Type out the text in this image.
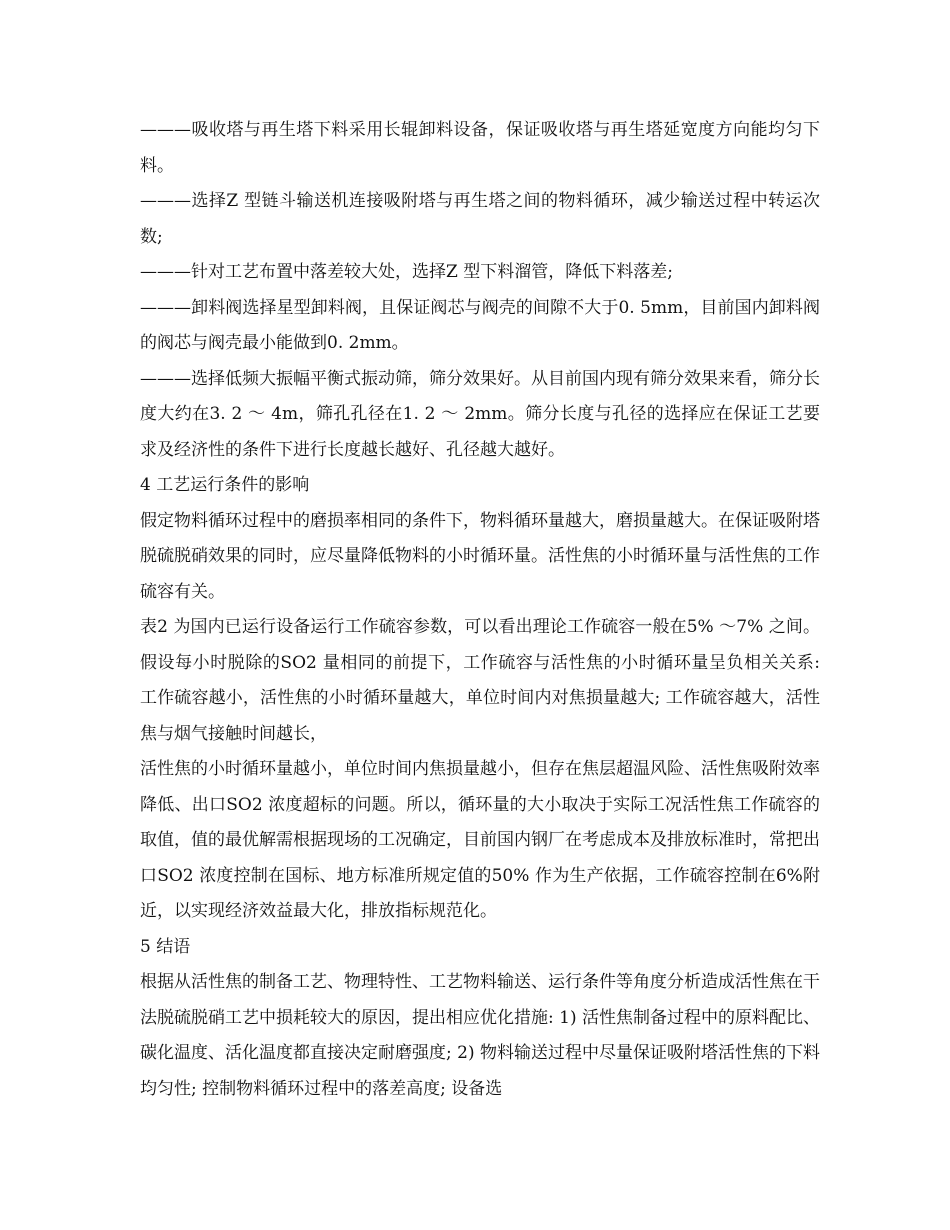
———吸收塔与再生塔下料采用长辊卸料设备，保证吸收塔与再生塔延宽度方向能均匀下料。

———选择Z 型链斗输送机连接吸附塔与再生塔之间的物料循环，减少输送过程中转运次数;

———针对工艺布置中落差较大处，选择Z 型下料溜管，降低下料落差;

———卸料阀选择星型卸料阀，且保证阀芯与阀壳的间隙不大于0. 5mm，目前国内卸料阀的阀芯与阀壳最小能做到0. 2mm。

———选择低频大振幅平衡式振动筛，筛分效果好。从目前国内现有筛分效果来看，筛分长度大约在3. 2 ～ 4m，筛孔孔径在1. 2 ～ 2mm。筛分长度与孔径的选择应在保证工艺要求及经济性的条件下进行长度越长越好、孔径越大越好。

4 工艺运行条件的影响

假定物料循环过程中的磨损率相同的条件下，物料循环量越大，磨损量越大。在保证吸附塔脱硫脱硝效果的同时，应尽量降低物料的小时循环量。活性焦的小时循环量与活性焦的工作硫容有关。

表2 为国内已运行设备运行工作硫容参数，可以看出理论工作硫容一般在5% ～7% 之间。假设每小时脱除的SO2 量相同的前提下，工作硫容与活性焦的小时循环量呈负相关关系: 工作硫容越小，活性焦的小时循环量越大，单位时间内对焦损量越大; 工作硫容越大，活性焦与烟气接触时间越长，

活性焦的小时循环量越小，单位时间内焦损量越小，但存在焦层超温风险、活性焦吸附效率降低、出口SO2 浓度超标的问题。所以，循环量的大小取决于实际工况活性焦工作硫容的取值，值的最优解需根据现场的工况确定，目前国内钢厂在考虑成本及排放标准时，常把出口SO2 浓度控制在国标、地方标准所规定值的50% 作为生产依据，工作硫容控制在6%附近，以实现经济效益最大化，排放指标规范化。

5 结语

根据从活性焦的制备工艺、物理特性、工艺物料输送、运行条件等角度分析造成活性焦在干法脱硫脱硝工艺中损耗较大的原因，提出相应优化措施: 1) 活性焦制备过程中的原料配比、碳化温度、活化温度都直接决定耐磨强度; 2) 物料输送过程中尽量保证吸附塔活性焦的下料均匀性; 控制物料循环过程中的落差高度; 设备选
